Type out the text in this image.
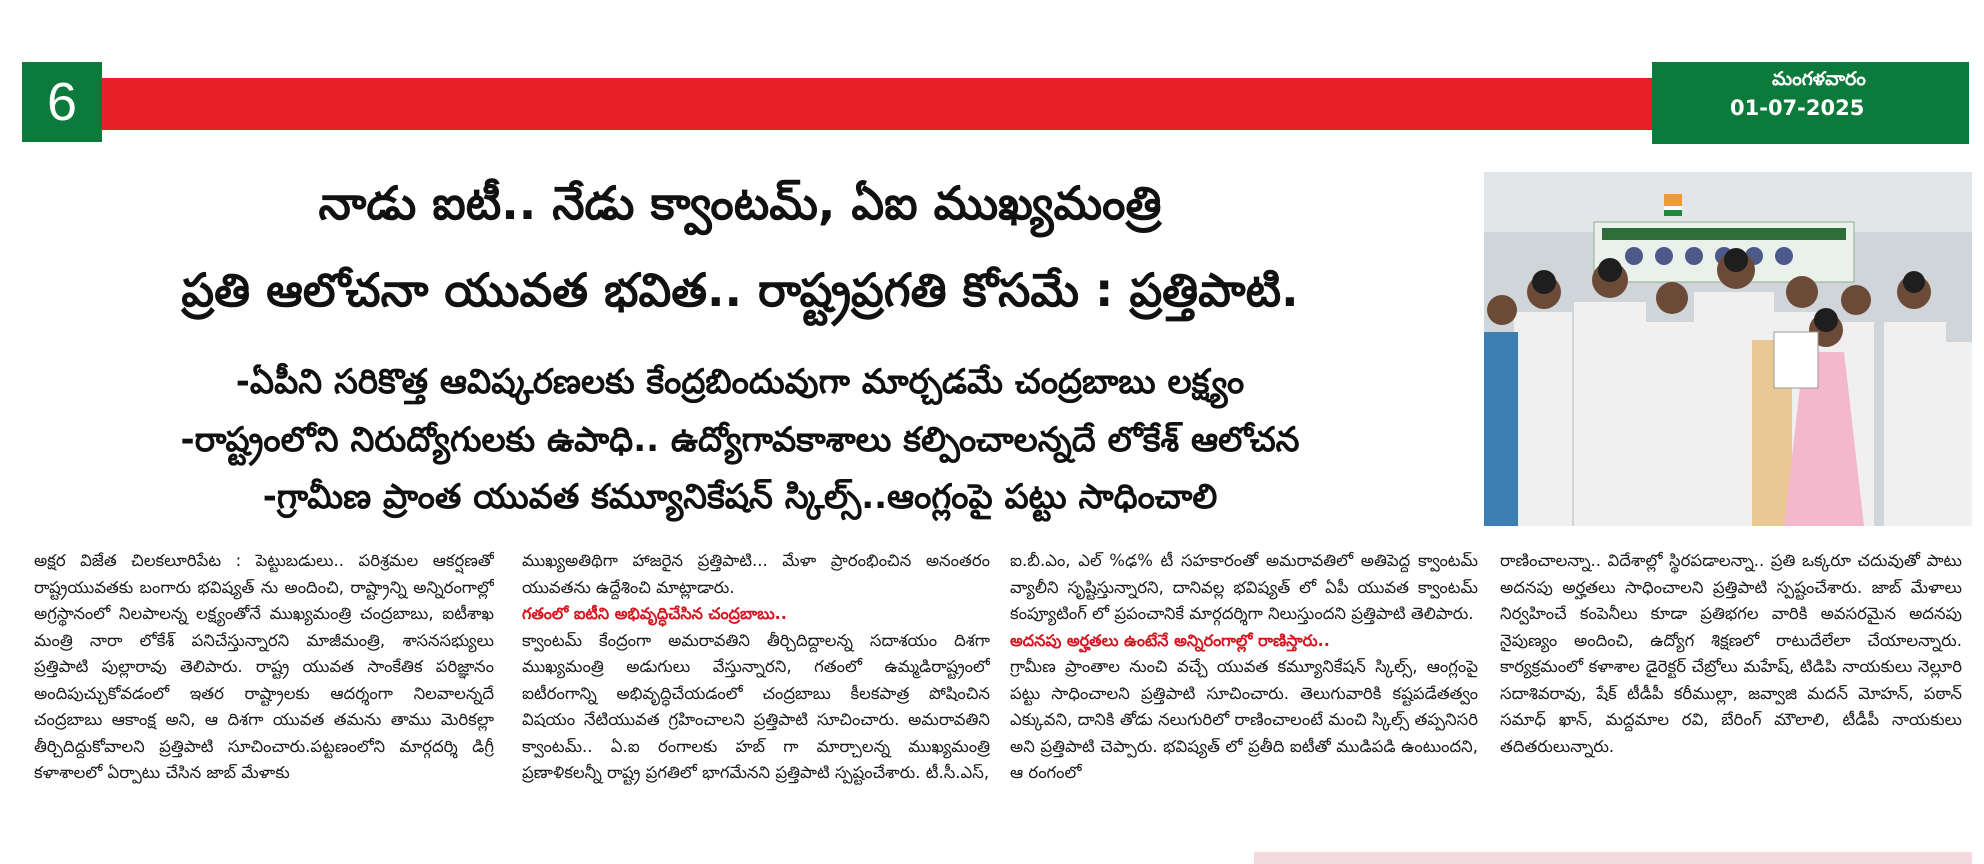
6	మంగళవారం
01-07-2025
నాడు ఐటీ.. నేడు క్వాంటమ్, ఏఐ ముఖ్యమంత్రి
ప్రతి ఆలోచనా యువత భవిత.. రాష్ట్రప్రగతి కోసమే : ప్రత్తిపాటి.
-ఏపీని సరికొత్త ఆవిష్కరణలకు కేంద్రబిందువుగా మార్చడమే చంద్రబాబు లక్ష్యం
-రాష్ట్రంలోని నిరుద్యోగులకు ఉపాధి.. ఉద్యోగావకాశాలు కల్పించాలన్నదే లోకేశ్ ఆలోచన
-గ్రామీణ ప్రాంత యువత కమ్యూనికేషన్ స్కిల్స్..ఆంగ్లంపై పట్టు సాధించాలి

అక్షర విజేత చిలకలూరిపేట : పెట్టుబడులు.. పరిశ్రమల ఆకర్షణతో రాష్ట్రయువతకు బంగారు భవిష్యత్ ను అందించి, రాష్ట్రాన్ని అన్నిరంగాల్లో అగ్రస్థానంలో నిలపాలన్న లక్ష్యంతోనే ముఖ్యమంత్రి చంద్రబాబు, ఐటీశాఖ మంత్రి నారా లోకేశ్ పనిచేస్తున్నారని మాజీమంత్రి, శాసనసభ్యులు ప్రత్తిపాటి పుల్లారావు తెలిపారు. రాష్ట్ర యువత సాంకేతిక పరిజ్ఞానం అందిపుచ్చుకోవడంలో ఇతర రాష్ట్రాలకు ఆదర్శంగా నిలవాలన్నదే చంద్రబాబు ఆకాంక్ష అని, ఆ దిశగా యువత తమను తాము మెరికల్లా తీర్చిదిద్దుకోవాలని ప్రత్తిపాటి సూచించారు.పట్టణంలోని మార్గదర్శి డిగ్రీ కళాశాలలో ఏర్పాటు చేసిన జాబ్ మేళాకు

ముఖ్యఅతిథిగా హాజరైన ప్రత్తిపాటి... మేళా ప్రారంభించిన అనంతరం యువతను ఉద్దేశించి మాట్లాడారు.

గతంలో ఐటీని అభివృద్ధిచేసిన చంద్రబాబు..

క్వాంటమ్ కేంద్రంగా అమరావతిని తీర్చిదిద్దాలన్న సదాశయం దిశగా ముఖ్యమంత్రి అడుగులు వేస్తున్నారని, గతంలో ఉమ్మడిరాష్ట్రంలో ఐటీరంగాన్ని అభివృద్ధిచేయడంలో చంద్రబాబు కీలకపాత్ర పోషించిన విషయం నేటియువత గ్రహించాలని ప్రత్తిపాటి సూచించారు. అమరావతిని క్వాంటమ్.. ఏ.ఐ రంగాలకు హబ్ గా మార్చాలన్న ముఖ్యమంత్రి ప్రణాళికలన్నీ రాష్ట్ర ప్రగతిలో భాగమేనని ప్రత్తిపాటి స్పష్టంచేశారు. టీ.సీ.ఎస్,

ఐ.బీ.ఎం, ఎల్ %ఢ% టీ సహకారంతో అమరావతిలో అతిపెద్ద క్వాంటమ్ వ్యాలీని సృష్టిస్తున్నారని, దానివల్ల భవిష్యత్ లో ఏపీ యువత క్వాంటమ్ కంప్యూటింగ్ లో ప్రపంచానికే మార్గదర్శిగా నిలుస్తుందని ప్రత్తిపాటి తెలిపారు.

అదనపు అర్హతలు ఉంటేనే అన్నిరంగాల్లో రాణిస్తారు..

గ్రామీణ ప్రాంతాల నుంచి వచ్చే యువత కమ్యూనికేషన్ స్కిల్స్, ఆంగ్లంపై పట్టు సాధించాలని ప్రత్తిపాటి సూచించారు. తెలుగువారికి కష్టపడేతత్వం ఎక్కువని, దానికి తోడు నలుగురిలో రాణించాలంటే మంచి స్కిల్స్ తప్పనిసరి అని ప్రత్తిపాటి చెప్పారు. భవిష్యత్ లో ప్రతీది ఐటీతో ముడిపడి ఉంటుందని, ఆ రంగంలో

రాణించాలన్నా.. విదేశాల్లో స్థిరపడాలన్నా.. ప్రతి ఒక్కరూ చదువుతో పాటు అదనపు అర్హతలు సాధించాలని ప్రత్తిపాటి స్పష్టంచేశారు. జాబ్ మేళాలు నిర్వహించే కంపెనీలు కూడా ప్రతిభగల వారికి అవసరమైన అదనపు నైపుణ్యం అందించి, ఉద్యోగ శిక్షణలో రాటుదేలేలా చేయాలన్నారు. కార్యక్రమంలో కళాశాల డైరెక్టర్ చేబ్రోలు మహేష్, టిడిపి నాయకులు నెల్లూరి సదాశివరావు, షేక్ టీడీపీ కరీముల్లా, జవ్వాజి మదన్ మోహన్, పఠాన్ సమాధ్ ఖాన్, మద్దమాల రవి, బేరింగ్ మౌలాలి, టీడీపీ నాయకులు తదితరులున్నారు.
